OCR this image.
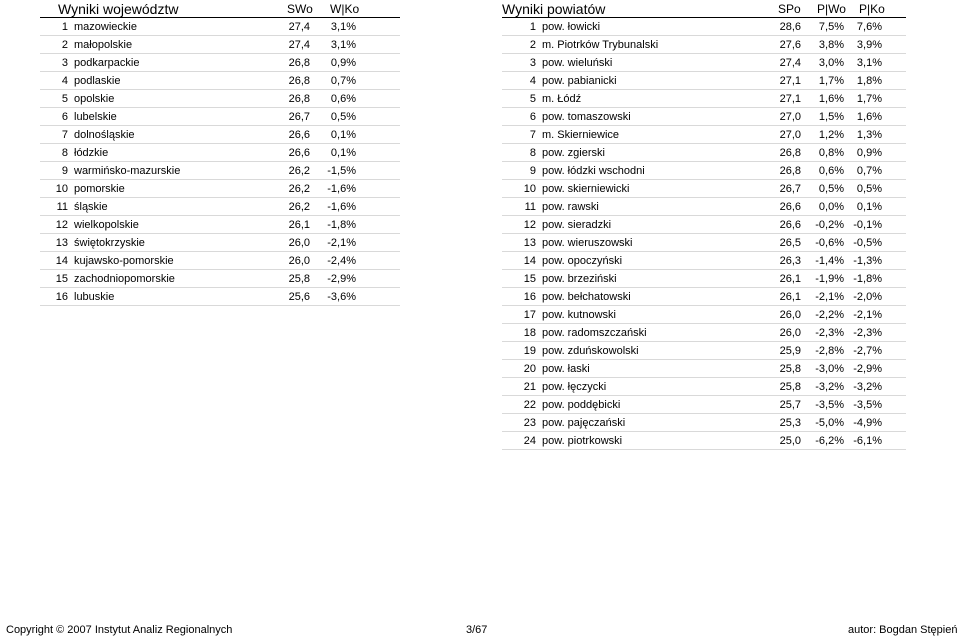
Wyniki województw	SWo W|Ko
1 mazowieckie	27,4	3,1%
2 małopolskie	27,4	3,1%
3 podkarpackie	26,8	0,9%
4 podlaskie	26,8	0,7%
5 opolskie	26,8	0,6%
6 lubelskie	26,7	0,5%
7 dolnośląskie	26,6	0,1%
8 łódzkie	26,6	0,1%
9 warmińsko-mazurskie	26,2	-1,5%
10 pomorskie	26,2	-1,6%
11 śląskie	26,2	-1,6%
12 wielkopolskie	26,1	-1,8%
13 świętokrzyskie	26,0	-2,1%
14 kujawsko-pomorskie	26,0	-2,4%
15 zachodniopomorskie	25,8	-2,9%
16 lubuskie	25,6	-3,6%
Wyniki powiatów	SPo P|Wo P|Ko
1 pow. łowicki	28,6	7,5%	7,6%
2 m. Piotrków Trybunalski	27,6	3,8%	3,9%
3 pow. wieluński	27,4	3,0%	3,1%
4 pow. pabianicki	27,1	1,7%	1,8%
5 m. Łódź	27,1	1,6%	1,7%
6 pow. tomaszowski	27,0	1,5%	1,6%
7 m. Skierniewice	27,0	1,2%	1,3%
8 pow. zgierski	26,8	0,8%	0,9%
9 pow. łódzki wschodni	26,8	0,6%	0,7%
10 pow. skierniewicki	26,7	0,5%	0,5%
11 pow. rawski	26,6	0,0%	0,1%
12 pow. sieradzki	26,6	-0,2% -0,1%
13 pow. wieruszowski	26,5	-0,6% -0,5%
14 pow. opoczyński	26,3	-1,4% -1,3%
15 pow. brzeziński	26,1	-1,9% -1,8%
16 pow. bełchatowski	26,1	-2,1% -2,0%
17 pow. kutnowski	26,0	-2,2% -2,1%
18 pow. radomszczański	26,0	-2,3% -2,3%
19 pow. zduńskowolski	25,9	-2,8% -2,7%
20 pow. łaski	25,8	-3,0% -2,9%
21 pow. łęczycki	25,8	-3,2% -3,2%
22 pow. poddębicki	25,7	-3,5% -3,5%
23 pow. pajęczański	25,3	-5,0% -4,9%
24 pow. piotrkowski	25,0	-6,2% -6,1%
Copyright © 2007 Instytut Analiz Regionalnych	3/67	autor: Bogdan Stępień
